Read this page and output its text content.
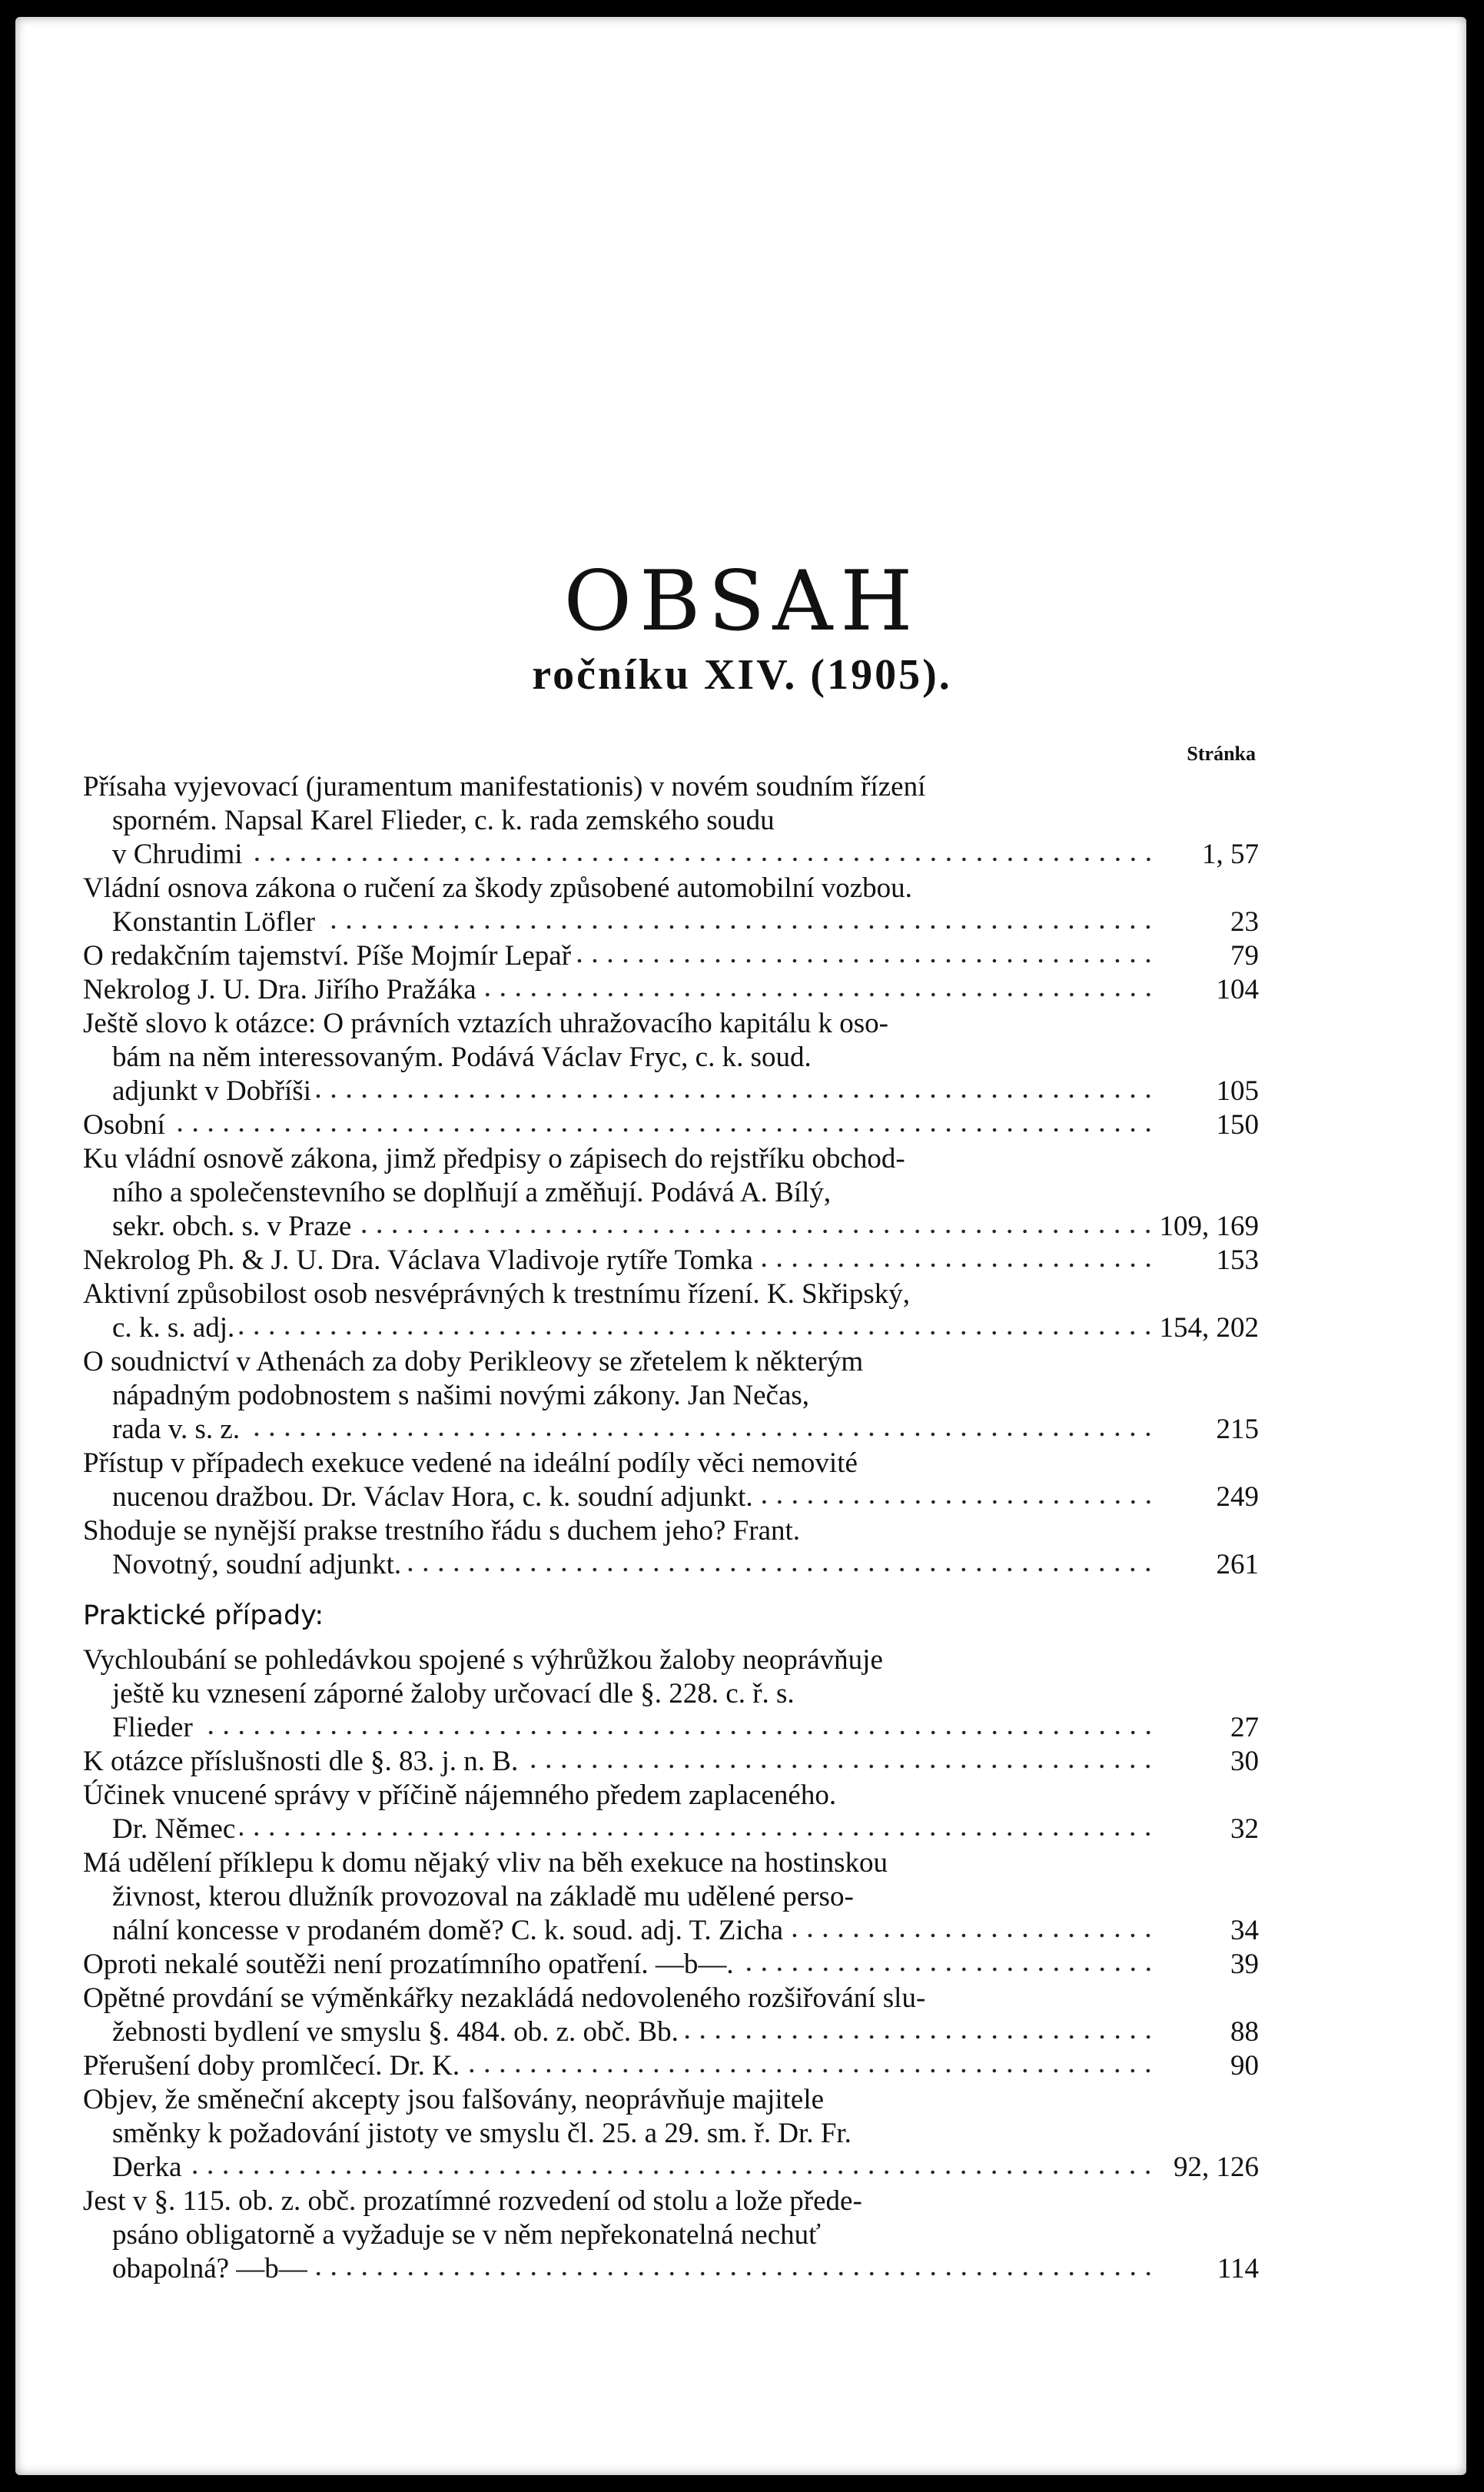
OBSAH
ročníku XIV. (1905).
Stránka
Přísaha vyjevovací (juramentum manifestationis) v novém soudním řízení
sporném. Napsal Karel Flieder, c. k. rada zemského soudu
v Chrudimi	1, 57
Vládní osnova zákona o ručení za škody způsobené automobilní vozbou.
Konstantin Löfler	23
O redakčním tajemství. Píše Mojmír Lepař	79
Nekrolog J. U. Dra. Jiřího Pražáka	104
Ještě slovo k otázce: O právních vztazích uhražovacího kapitálu k oso-
bám na něm interessovaným. Podává Václav Fryc, c. k. soud.
adjunkt v Dobříši	105
Osobní	150
Ku vládní osnově zákona, jimž předpisy o zápisech do rejstříku obchod-
ního a společenstevního se doplňují a změňují. Podává A. Bílý,
sekr. obch. s. v Praze	109, 169
Nekrolog Ph. & J. U. Dra. Václava Vladivoje rytíře Tomka	153
Aktivní způsobilost osob nesvéprávných k trestnímu řízení. K. Skřipský,
c. k. s. adj.	154, 202
O soudnictví v Athenách za doby Perikleovy se zřetelem k některým
nápadným podobnostem s našimi novými zákony. Jan Nečas,
rada v. s. z.	215
Přístup v případech exekuce vedené na ideální podíly věci nemovité
nucenou dražbou. Dr. Václav Hora, c. k. soudní adjunkt.	249
Shoduje se nynější prakse trestního řádu s duchem jeho? Frant.
Novotný, soudní adjunkt.	261
Praktické případy:
Vychloubání se pohledávkou spojené s výhrůžkou žaloby neoprávňuje
ještě ku vznesení záporné žaloby určovací dle §. 228. c. ř. s.
Flieder	27
K otázce příslušnosti dle §. 83. j. n. B.	30
Účinek vnucené správy v příčině nájemného předem zaplaceného.
Dr. Němec	32
Má udělení příklepu k domu nějaký vliv na běh exekuce na hostinskou
živnost, kterou dlužník provozoval na základě mu udělené perso-
nální koncesse v prodaném domě? C. k. soud. adj. T. Zicha	34
Oproti nekalé soutěži není prozatímního opatření. —b—.	39
Opětné provdání se výměnkářky nezakládá nedovoleného rozšiřování slu-
žebnosti bydlení ve smyslu §. 484. ob. z. obč. Bb.	88
Přerušení doby promlčecí. Dr. K.	90
Objev, že směneční akcepty jsou falšovány, neoprávňuje majitele
směnky k požadování jistoty ve smyslu čl. 25. a 29. sm. ř. Dr. Fr.
Derka	92, 126
Jest v §. 115. ob. z. obč. prozatímné rozvedení od stolu a lože přede-
psáno obligatorně a vyžaduje se v něm nepřekonatelná nechuť
obapolná? —b—	114
